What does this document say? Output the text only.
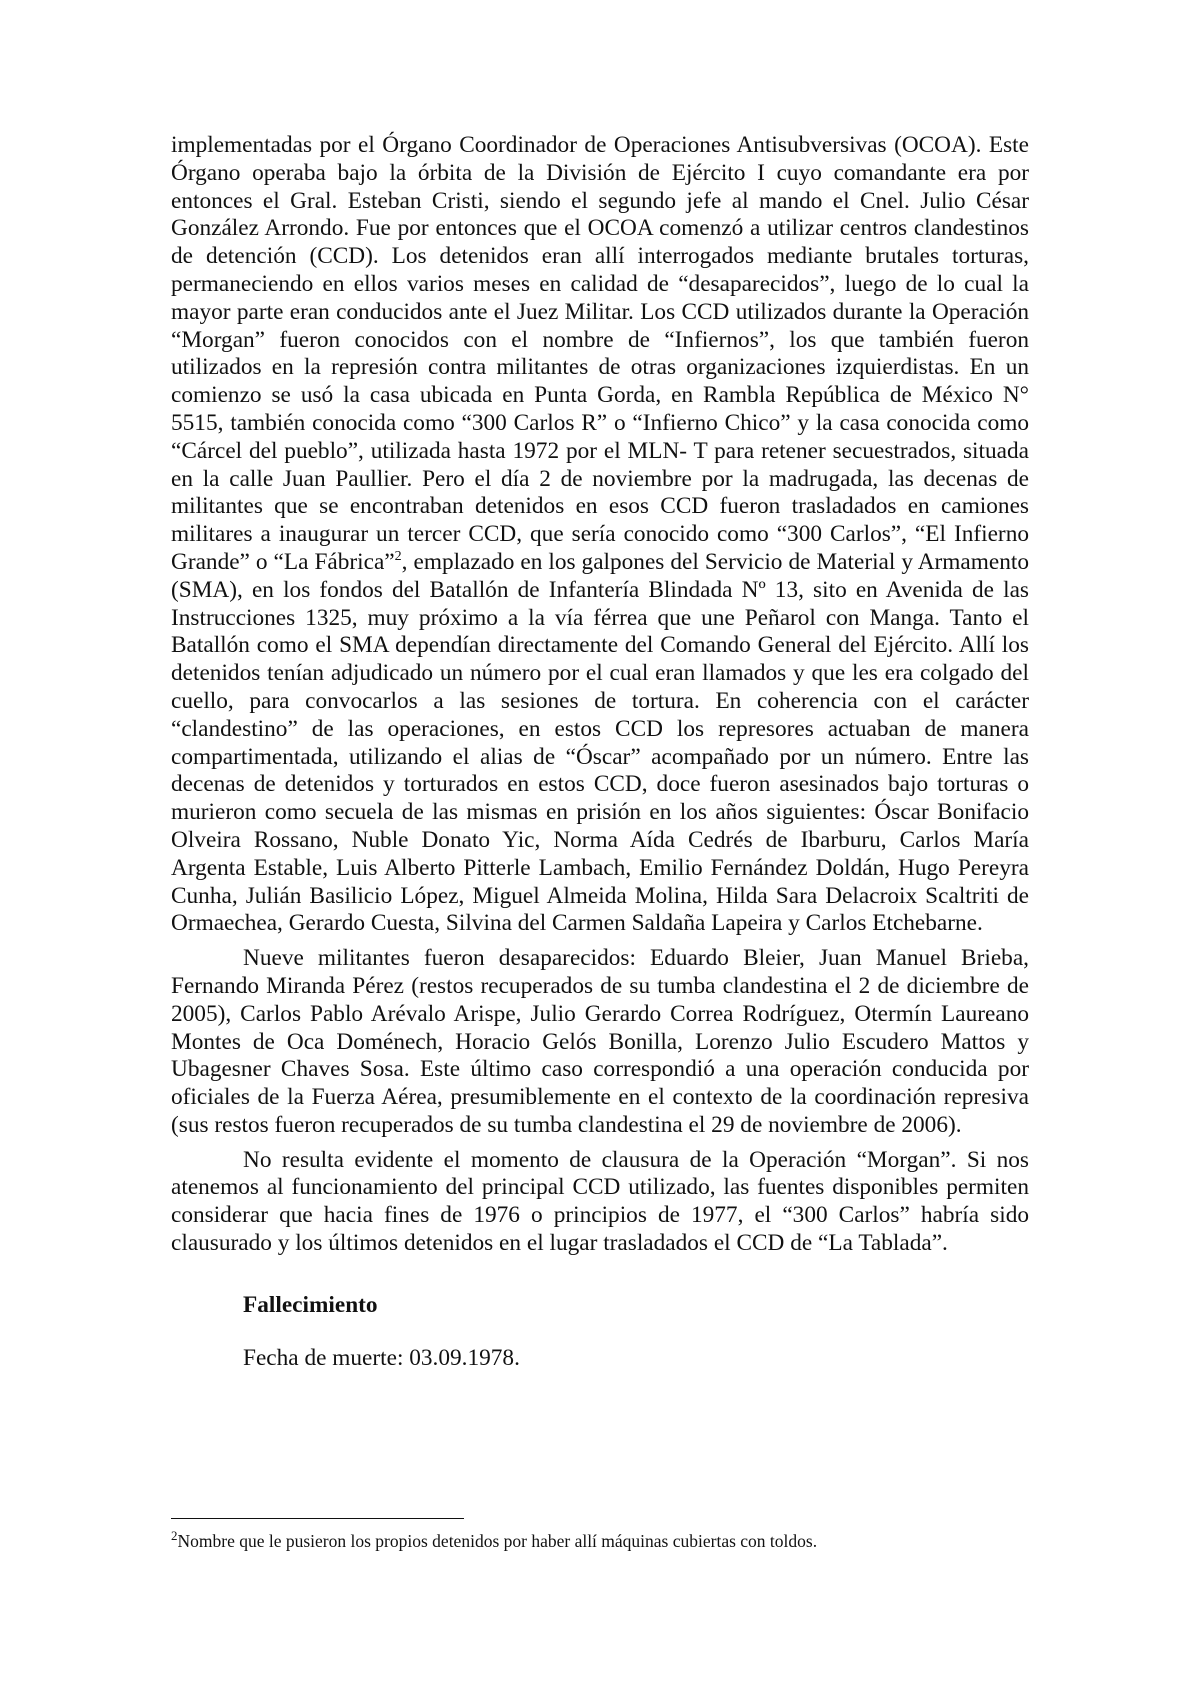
implementadas por el Órgano Coordinador de Operaciones Antisubversivas (OCOA). Este Órgano operaba bajo la órbita de la División de Ejército I cuyo comandante era por entonces el Gral. Esteban Cristi, siendo el segundo jefe al mando el Cnel. Julio César González Arrondo. Fue por entonces que el OCOA comenzó a utilizar centros clandestinos de detención (CCD). Los detenidos eran allí interrogados mediante brutales torturas, permaneciendo en ellos varios meses en calidad de “desaparecidos”, luego de lo cual la mayor parte eran conducidos ante el Juez Militar. Los CCD utilizados durante la Operación “Morgan” fueron conocidos con el nombre de “Infiernos”, los que también fueron utilizados en la represión contra militantes de otras organizaciones izquierdistas. En un comienzo se usó la casa ubicada en Punta Gorda, en Rambla República de México N° 5515, también conocida como “300 Carlos R” o “Infierno Chico” y la casa conocida como “Cárcel del pueblo”, utilizada hasta 1972 por el MLN- T para retener secuestrados, situada en la calle Juan Paullier. Pero el día 2 de noviembre por la madrugada, las decenas de militantes que se encontraban detenidos en esos CCD fueron trasladados en camiones militares a inaugurar un tercer CCD, que sería conocido como “300 Carlos”, “El Infierno Grande” o “La Fábrica”$^2$, emplazado en los galpones del Servicio de Material y Armamento (SMA), en los fondos del Batallón de Infantería Blindada Nº 13, sito en Avenida de las Instrucciones 1325, muy próximo a la vía férrea que une Peñarol con Manga. Tanto el Batallón como el SMA dependían directamente del Comando General del Ejército. Allí los detenidos tenían adjudicado un número por el cual eran llamados y que les era colgado del cuello, para convocarlos a las sesiones de tortura. En coherencia con el carácter “clandestino” de las operaciones, en estos CCD los represores actuaban de manera compartimentada, utilizando el alias de “Óscar” acompañado por un número. Entre las decenas de detenidos y torturados en estos CCD, doce fueron asesinados bajo torturas o murieron como secuela de las mismas en prisión en los años siguientes: Óscar Bonifacio Olveira Rossano, Nuble Donato Yic, Norma Aída Cedrés de Ibarburu, Carlos María Argenta Estable, Luis Alberto Pitterle Lambach, Emilio Fernández Doldán, Hugo Pereyra Cunha, Julián Basilicio López, Miguel Almeida Molina, Hilda Sara Delacroix Scaltriti de Ormaechea, Gerardo Cuesta, Silvina del Carmen Saldaña Lapeira y Carlos Etchebarne.

Nueve militantes fueron desaparecidos: Eduardo Bleier, Juan Manuel Brieba, Fernando Miranda Pérez (restos recuperados de su tumba clandestina el 2 de diciembre de 2005), Carlos Pablo Arévalo Arispe, Julio Gerardo Correa Rodríguez, Otermín Laureano Montes de Oca Doménech, Horacio Gelós Bonilla, Lorenzo Julio Escudero Mattos y Ubagesner Chaves Sosa. Este último caso correspondió a una operación conducida por oficiales de la Fuerza Aérea, presumiblemente en el contexto de la coordinación represiva (sus restos fueron recuperados de su tumba clandestina el 29 de noviembre de 2006).

No resulta evidente el momento de clausura de la Operación “Morgan”. Si nos atenemos al funcionamiento del principal CCD utilizado, las fuentes disponibles permiten considerar que hacia fines de 1976 o principios de 1977, el “300 Carlos” habría sido clausurado y los últimos detenidos en el lugar trasladados el CCD de “La Tablada”.

Fallecimiento
Fecha de muerte: 03.09.1978.
$^2$Nombre que le pusieron los propios detenidos por haber allí máquinas cubiertas con toldos.
